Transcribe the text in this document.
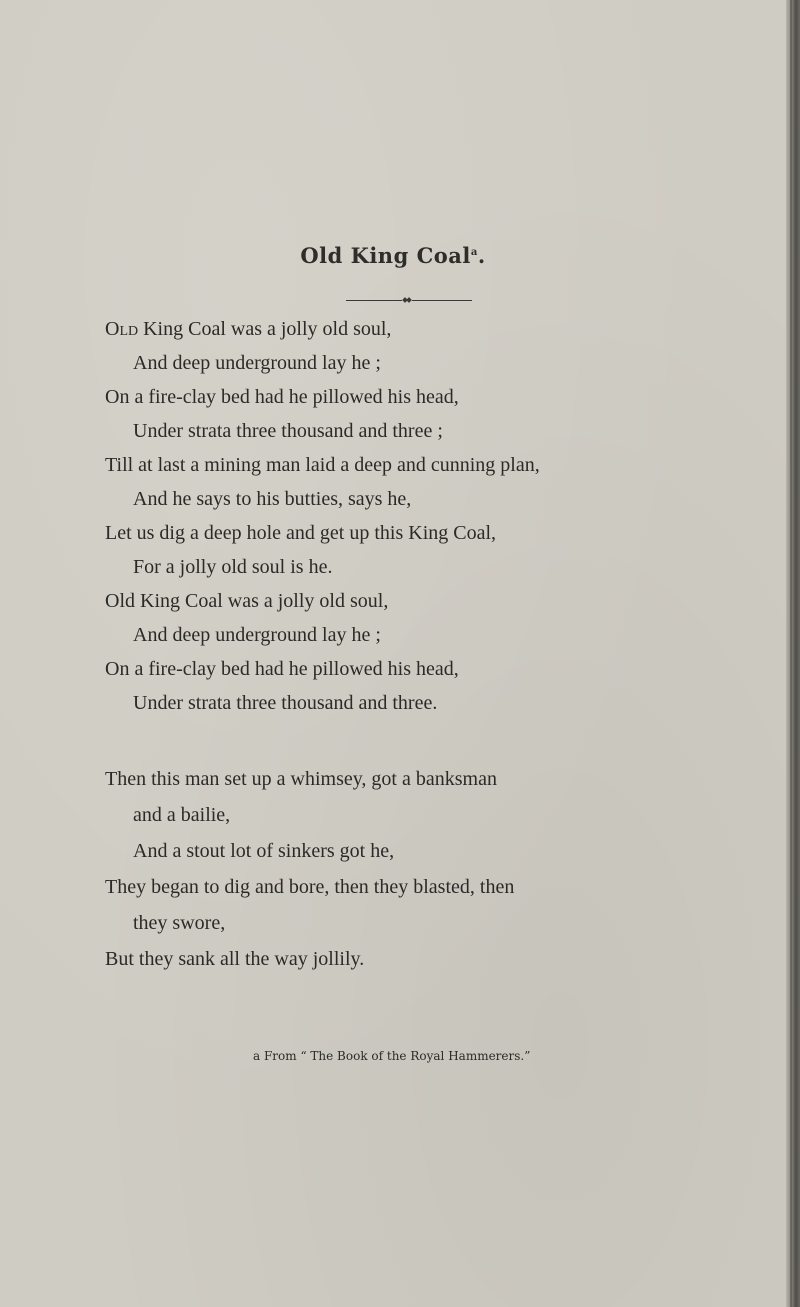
Old King Coal$^a$.
Old King Coal was a jolly old soul,
And deep underground lay he ;
On a fire-clay bed had he pillowed his head,
Under strata three thousand and three ;
Till at last a mining man laid a deep and cunning plan,
And he says to his butties, says he,
Let us dig a deep hole and get up this King Coal,
For a jolly old soul is he.
Old King Coal was a jolly old soul,
And deep underground lay he ;
On a fire-clay bed had he pillowed his head,
Under strata three thousand and three.
Then this man set up a whimsey, got a banksman
and a bailie,
And a stout lot of sinkers got he,
They began to dig and bore, then they blasted, then
they swore,
But they sank all the way jollily.
a From “ The Book of the Royal Hammerers.”
